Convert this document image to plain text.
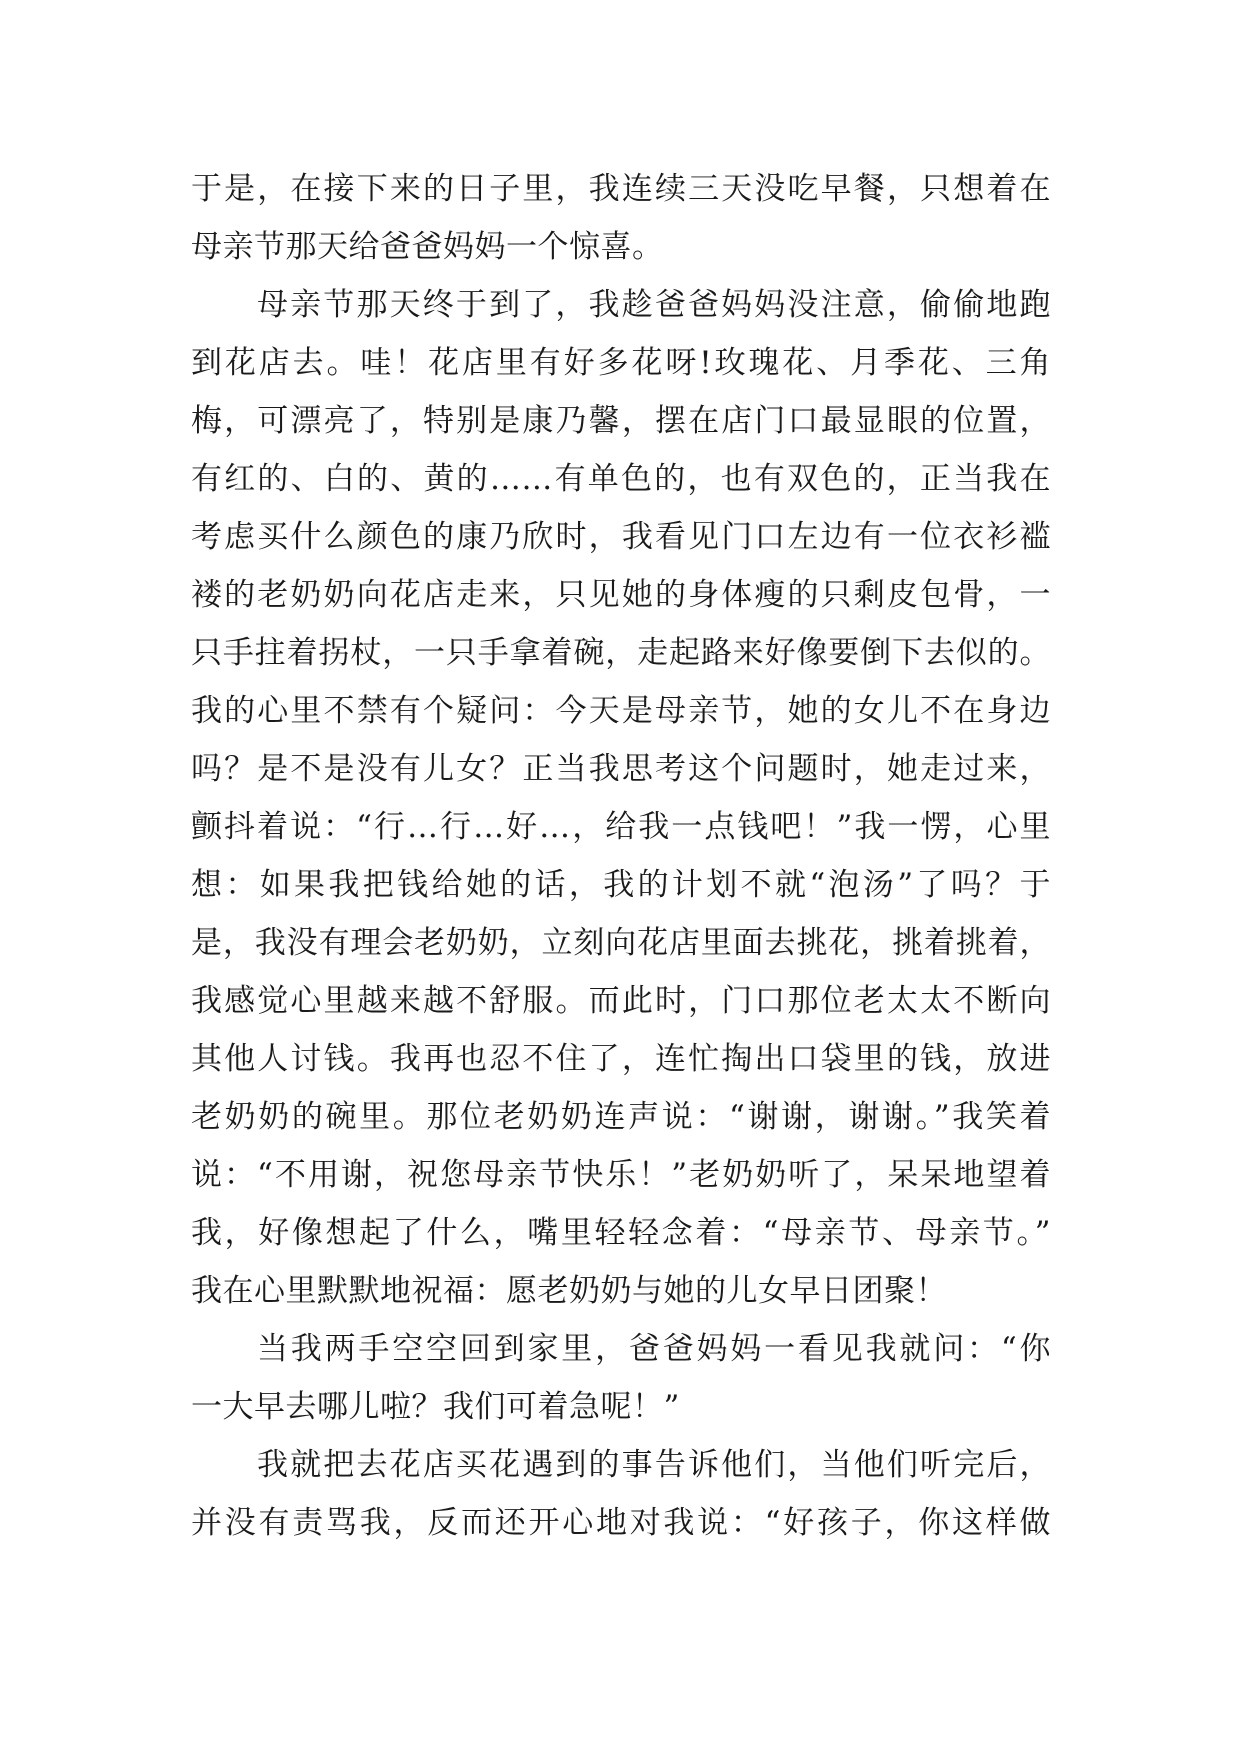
于是，在接下来的日子里，我连续三天没吃早餐，只想着在
母亲节那天给爸爸妈妈一个惊喜。
母亲节那天终于到了，我趁爸爸妈妈没注意，偷偷地跑
到花店去。哇！花店里有好多花呀!玫瑰花、月季花、三角
梅，可漂亮了，特别是康乃馨，摆在店门口最显眼的位置，
有红的、白的、黄的……有单色的，也有双色的，正当我在
考虑买什么颜色的康乃欣时，我看见门口左边有一位衣衫褴
褛的老奶奶向花店走来，只见她的身体瘦的只剩皮包骨，一
只手拄着拐杖，一只手拿着碗，走起路来好像要倒下去似的。
我的心里不禁有个疑问：今天是母亲节，她的女儿不在身边
吗？是不是没有儿女？正当我思考这个问题时，她走过来，
颤抖着说：“行…行…好…，给我一点钱吧！”我一愣，心里
想：如果我把钱给她的话，我的计划不就“泡汤”了吗？于
是，我没有理会老奶奶，立刻向花店里面去挑花，挑着挑着，
我感觉心里越来越不舒服。而此时，门口那位老太太不断向
其他人讨钱。我再也忍不住了，连忙掏出口袋里的钱，放进
老奶奶的碗里。那位老奶奶连声说：“谢谢，谢谢。”我笑着
说：“不用谢，祝您母亲节快乐！”老奶奶听了，呆呆地望着
我，好像想起了什么，嘴里轻轻念着：“母亲节、母亲节。”
我在心里默默地祝福：愿老奶奶与她的儿女早日团聚！
当我两手空空回到家里，爸爸妈妈一看见我就问：“你
一大早去哪儿啦？我们可着急呢！”
我就把去花店买花遇到的事告诉他们，当他们听完后，
并没有责骂我，反而还开心地对我说：“好孩子，你这样做
